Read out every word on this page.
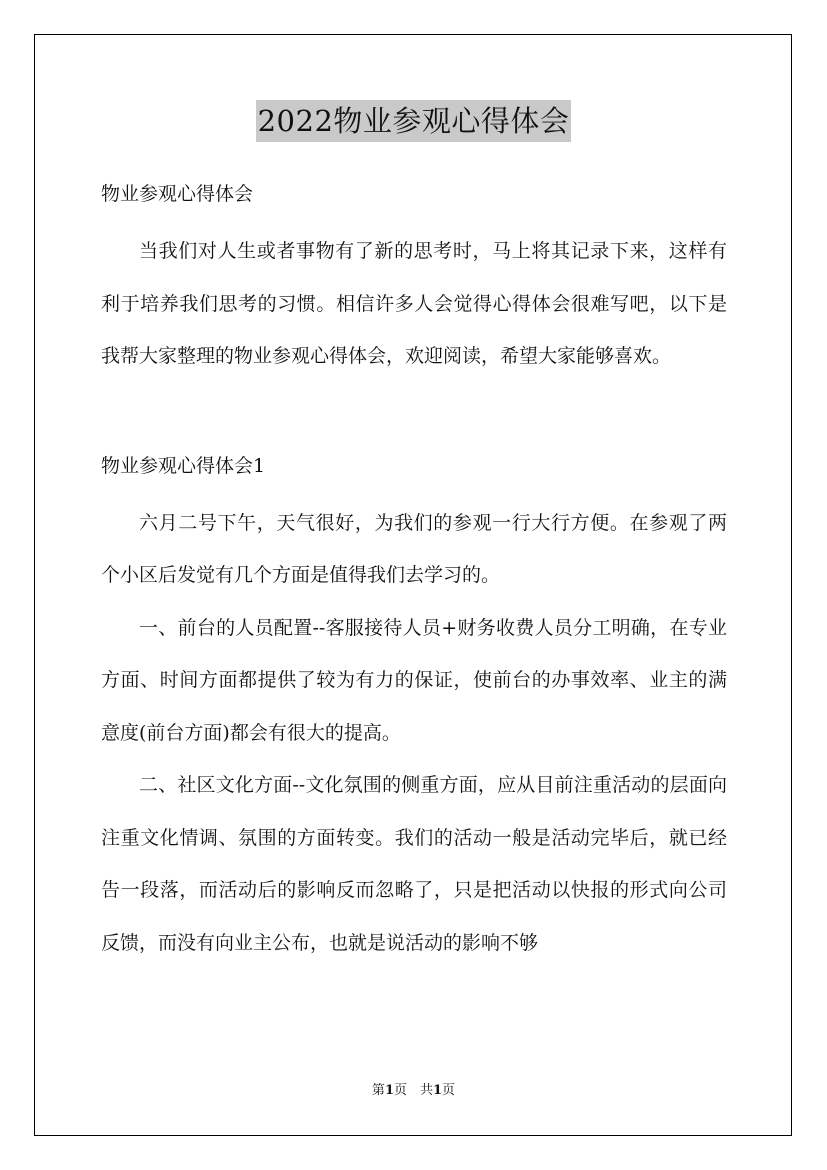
2022物业参观心得体会

物业参观心得体会

当我们对人生或者事物有了新的思考时，马上将其记录下来，这样有利于培养我们思考的习惯。相信许多人会觉得心得体会很难写吧，以下是我帮大家整理的物业参观心得体会，欢迎阅读，希望大家能够喜欢。

物业参观心得体会1

六月二号下午，天气很好，为我们的参观一行大行方便。在参观了两个小区后发觉有几个方面是值得我们去学习的。

一、前台的人员配置--客服接待人员+财务收费人员分工明确，在专业方面、时间方面都提供了较为有力的保证，使前台的办事效率、业主的满意度(前台方面)都会有很大的提高。

二、社区文化方面--文化氛围的侧重方面，应从目前注重活动的层面向注重文化情调、氛围的方面转变。我们的活动一般是活动完毕后，就已经告一段落，而活动后的影响反而忽略了，只是把活动以快报的形式向公司反馈，而没有向业主公布，也就是说活动的影响不够

第1页　共1页
